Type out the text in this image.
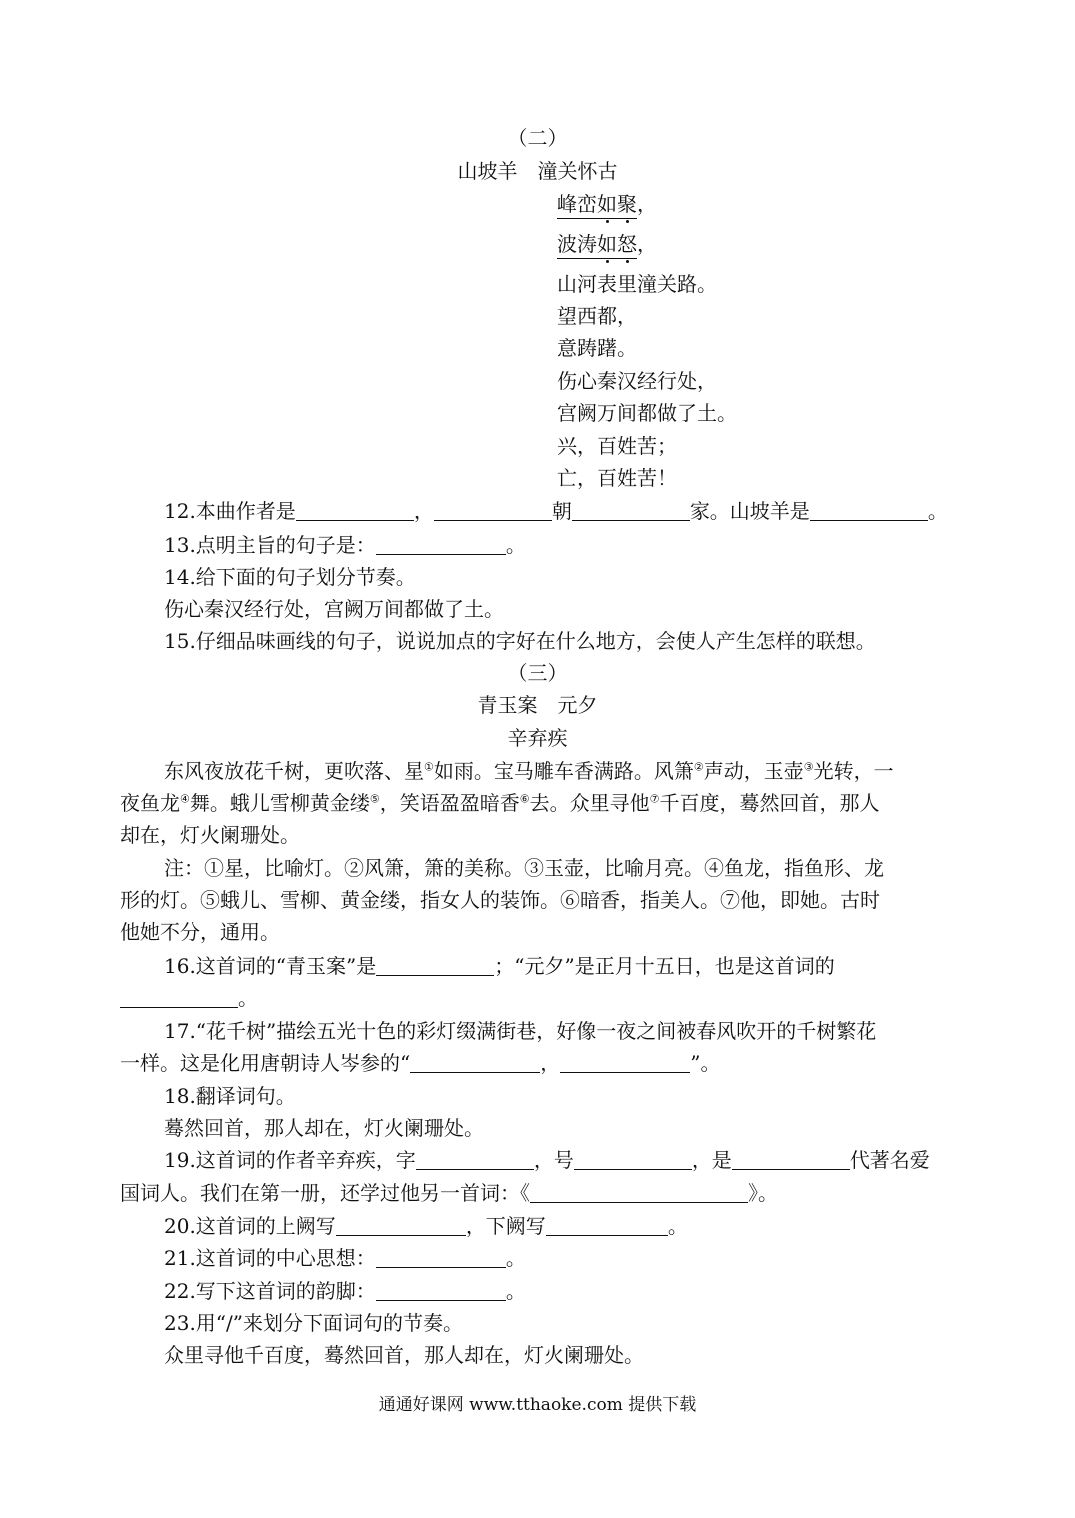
（二）
山坡羊　潼关怀古
峰峦如聚，
波涛如怒，
山河表里潼关路。
望西都，
意踌躇。
伤心秦汉经行处，
宫阙万间都做了土。
兴，百姓苦；
亡，百姓苦！
12.本曲作者是	，	朝	家。山坡羊是	。
13.点明主旨的句子是：	。
14.给下面的句子划分节奏。
伤心秦汉经行处，宫阙万间都做了土。
15.仔细品味画线的句子，说说加点的字好在什么地方，会使人产生怎样的联想。
（三）
青玉案　元夕
辛弃疾
东风夜放花千树，更吹落、星①如雨。宝马雕车香满路。风箫②声动，玉壶③光转，一
夜鱼龙④舞。蛾儿雪柳黄金缕⑤，笑语盈盈暗香⑥去。众里寻他⑦千百度，蓦然回首，那人
却在，灯火阑珊处。
注：①星，比喻灯。②风箫，箫的美称。③玉壶，比喻月亮。④鱼龙，指鱼形、龙
形的灯。⑤蛾儿、雪柳、黄金缕，指女人的装饰。⑥暗香，指美人。⑦他，即她。古时
他她不分，通用。
16.这首词的“青玉案”是	；“元夕”是正月十五日，也是这首词的
。
17.“花千树”描绘五光十色的彩灯缀满街巷，好像一夜之间被春风吹开的千树繁花
一样。这是化用唐朝诗人岑参的“	，	”。
18.翻译词句。
蓦然回首，那人却在，灯火阑珊处。
19.这首词的作者辛弃疾，字	，号	，是	代著名爱
国词人。我们在第一册，还学过他另一首词：《	》。
20.这首词的上阙写	，下阙写	。
21.这首词的中心思想：	。
22.写下这首词的韵脚：	。
23.用“/”来划分下面词句的节奏。
众里寻他千百度，蓦然回首，那人却在，灯火阑珊处。
通通好课网 www.tthaoke.com 提供下载
